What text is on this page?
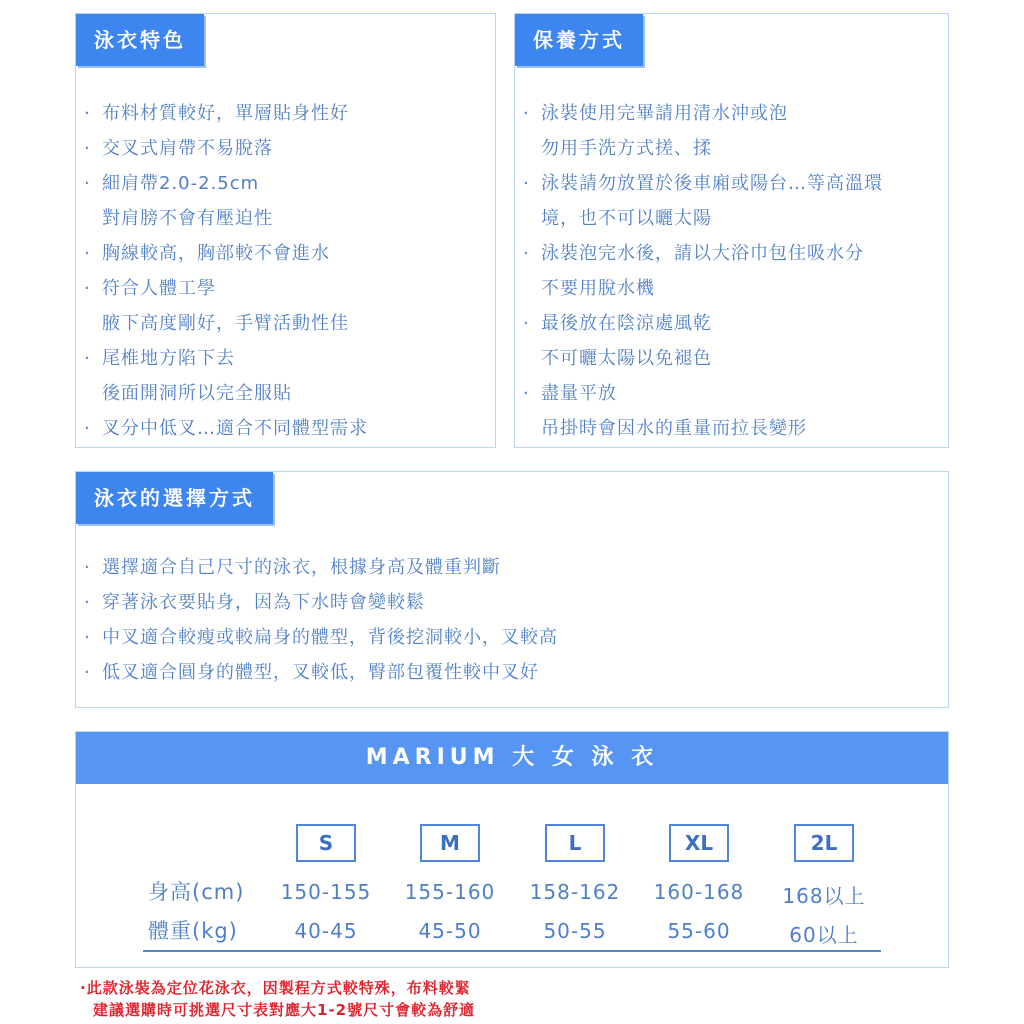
泳衣特色
· 布料材質較好，單層貼身性好
· 交叉式肩帶不易脫落
· 細肩帶2.0-2.5cm
對肩膀不會有壓迫性
· 胸線較高，胸部較不會進水
· 符合人體工學
腋下高度剛好，手臂活動性佳
· 尾椎地方陷下去
後面開洞所以完全服貼
· 叉分中低叉…適合不同體型需求
保養方式
· 泳裝使用完畢請用清水沖或泡
勿用手洗方式搓、揉
· 泳裝請勿放置於後車廂或陽台…等高溫環
境，也不可以曬太陽
· 泳裝泡完水後，請以大浴巾包住吸水分
不要用脫水機
· 最後放在陰涼處風乾
不可曬太陽以免褪色
· 盡量平放
吊掛時會因水的重量而拉長變形
泳衣的選擇方式
· 選擇適合自己尺寸的泳衣，根據身高及體重判斷
· 穿著泳衣要貼身，因為下水時會變較鬆
· 中叉適合較瘦或較扁身的體型，背後挖洞較小，叉較高
· 低叉適合圓身的體型，叉較低，臀部包覆性較中叉好
MARIUM 大 女 泳 衣
S
150-155
40-45
M
155-160
45-50
L
158-162
50-55
XL
160-168
55-60
2L
168以上
60以上
身高(cm)
體重(kg)
·此款泳裝為定位花泳衣，因製程方式較特殊，布料較緊
建議選購時可挑選尺寸表對應大1-2號尺寸會較為舒適
